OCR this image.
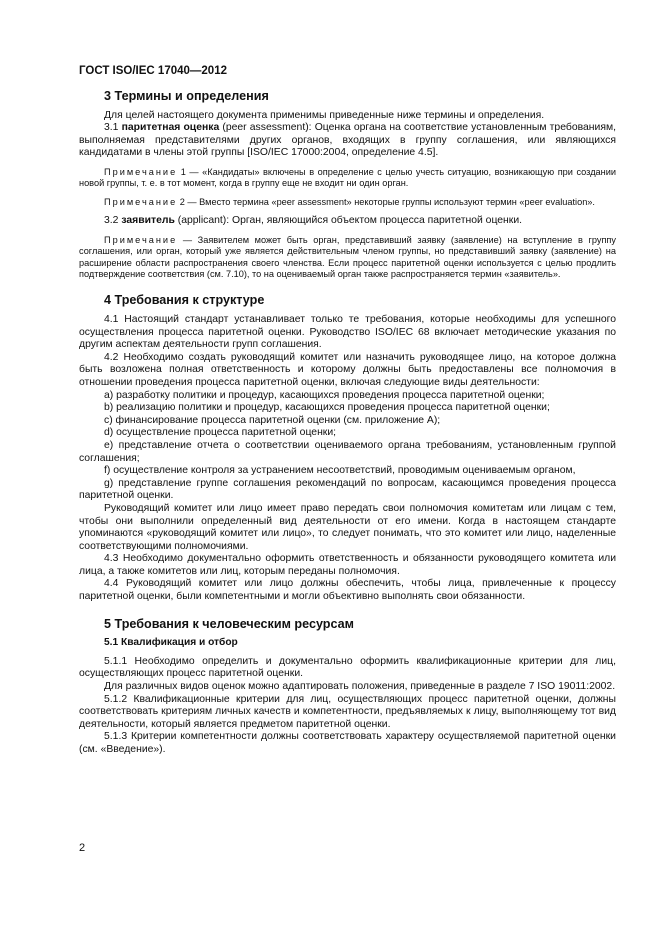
ГОСТ ISO/IEC 17040—2012
3 Термины и определения

Для целей настоящего документа применимы приведенные ниже термины и определения.

3.1 паритетная оценка (peer assessment): Оценка органа на соответствие установленным требованиям, выполняемая представителями других органов, входящих в группу соглашения, или являющихся кандидатами в члены этой группы [ISO/IEC 17000:2004, определение 4.5].

Примечание 1 — «Кандидаты» включены в определение с целью учесть ситуацию, возникающую при создании новой группы, т. е. в тот момент, когда в группу еще не входит ни один орган.

Примечание 2 — Вместо термина «peer assessment» некоторые группы используют термин «peer evaluation».

3.2 заявитель (applicant): Орган, являющийся объектом процесса паритетной оценки.

Примечание — Заявителем может быть орган, представивший заявку (заявление) на вступление в группу соглашения, или орган, который уже является действительным членом группы, но представивший заявку (заявление) на расширение области распространения своего членства. Если процесс паритетной оценки используется с целью продлить подтверждение соответствия (см. 7.10), то на оцениваемый орган также распространяется термин «заявитель».

4 Требования к структуре

4.1 Настоящий стандарт устанавливает только те требования, которые необходимы для успешного осуществления процесса паритетной оценки. Руководство ISO/IEC 68 включает методические указания по другим аспектам деятельности групп соглашения.

4.2 Необходимо создать руководящий комитет или назначить руководящее лицо, на которое должна быть возложена полная ответственность и которому должны быть предоставлены все полномочия в отношении проведения процесса паритетной оценки, включая следующие виды деятельности:

a) разработку политики и процедур, касающихся проведения процесса паритетной оценки;

b) реализацию политики и процедур, касающихся проведения процесса паритетной оценки;

c) финансирование процесса паритетной оценки (см. приложение А);

d) осуществление процесса паритетной оценки;

e) представление отчета о соответствии оцениваемого органа требованиям, установленным группой соглашения;

f) осуществление контроля за устранением несоответствий, проводимым оцениваемым органом,

g) представление группе соглашения рекомендаций по вопросам, касающимся проведения процесса паритетной оценки.

Руководящий комитет или лицо имеет право передать свои полномочия комитетам или лицам с тем, чтобы они выполнили определенный вид деятельности от его имени. Когда в настоящем стандарте упоминаются «руководящий комитет или лицо», то следует понимать, что это комитет или лицо, наделенные соответствующими полномочиями.

4.3 Необходимо документально оформить ответственность и обязанности руководящего комитета или лица, а также комитетов или лиц, которым переданы полномочия.

4.4 Руководящий комитет или лицо должны обеспечить, чтобы лица, привлеченные к процессу паритетной оценки, были компетентными и могли объективно выполнять свои обязанности.

5 Требования к человеческим ресурсам
5.1 Квалификация и отбор

5.1.1 Необходимо определить и документально оформить квалификационные критерии для лиц, осуществляющих процесс паритетной оценки.

Для различных видов оценок можно адаптировать положения, приведенные в разделе 7 ISO 19011:2002.

5.1.2 Квалификационные критерии для лиц, осуществляющих процесс паритетной оценки, должны соответствовать критериям личных качеств и компетентности, предъявляемых к лицу, выполняющему тот вид деятельности, который является предметом паритетной оценки.

5.1.3 Критерии компетентности должны соответствовать характеру осуществляемой паритетной оценки (см. «Введение»).

2
